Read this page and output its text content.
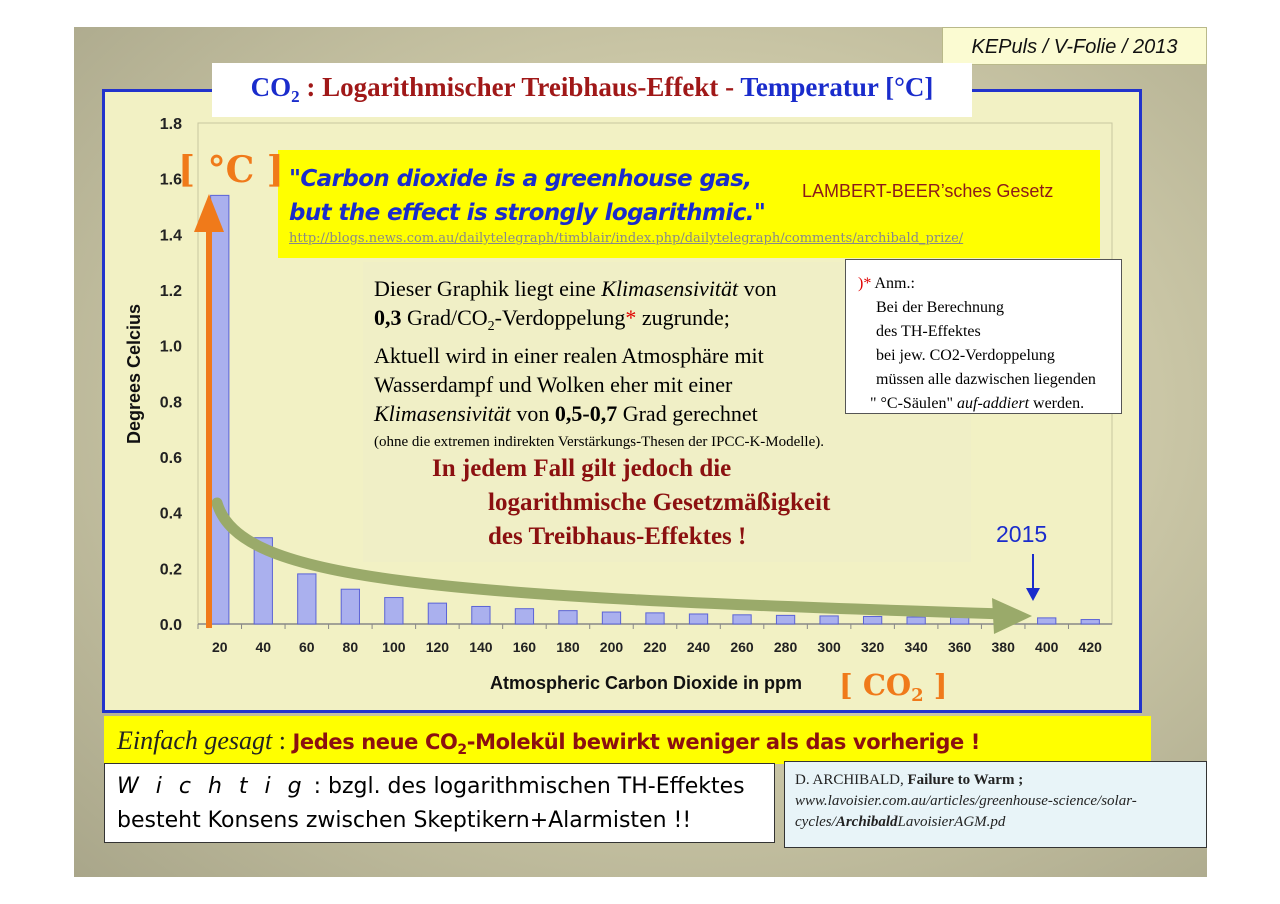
KEPuls / V-Folie / 2013
20 40 60 80 100 120 140 160 180 200 220 240 260 280 300 320 340 360 380 400 420
0.0
0.2
0.4
0.6
0.8
1.0
1.2
1.4
1.6
1.8
Atmospheric Carbon Dioxide in ppm
Degrees Celcius
$CO_2$ : Logarithmischer Treibhaus-Effekt - Temperatur [°C]
"Carbon dioxide is a greenhouse gas,
but the effect is strongly logarithmic."
LAMBERT-BEER’sches Gesetz
http://blogs.news.com.au/dailytelegraph/timblair/index.php/dailytelegraph/comments/archibald_prize/
Dieser Graphik liegt eine Klimasensivität von
0,3 Grad/$CO_2-Verdoppelung*$ zugrunde;
Aktuell wird in einer realen Atmosphäre mit
Wasserdampf und Wolken eher mit einer
Klimasensivität von 0,5-0,7 Grad gerechnet
(ohne die extremen indirekten Verstärkungs-Thesen der IPCC-K-Modelle).
In jedem Fall gilt jedoch die
logarithmische Gesetzmäßigkeit
des Treibhaus-Effektes !
)* Anm.:
Bei der Berechnung
des TH-Effektes
bei jew. CO2-Verdoppelung
müssen alle dazwischen liegenden
" °C-Säulen" auf-addiert werden.
[ °C ]
[ $CO_2$ ]
2015
Einfach gesagt : Jedes neue CO2-Molekül bewirkt weniger als das vorherige !
W i c h t i g : bzgl. des logarithmischen TH-Effektes
besteht Konsens zwischen Skeptikern+Alarmisten !!
D. ARCHIBALD, Failure to Warm ;
www.lavoisier.com.au/articles/greenhouse-science/solar-
cycles/ArchibaldLavoisierAGM.pd
